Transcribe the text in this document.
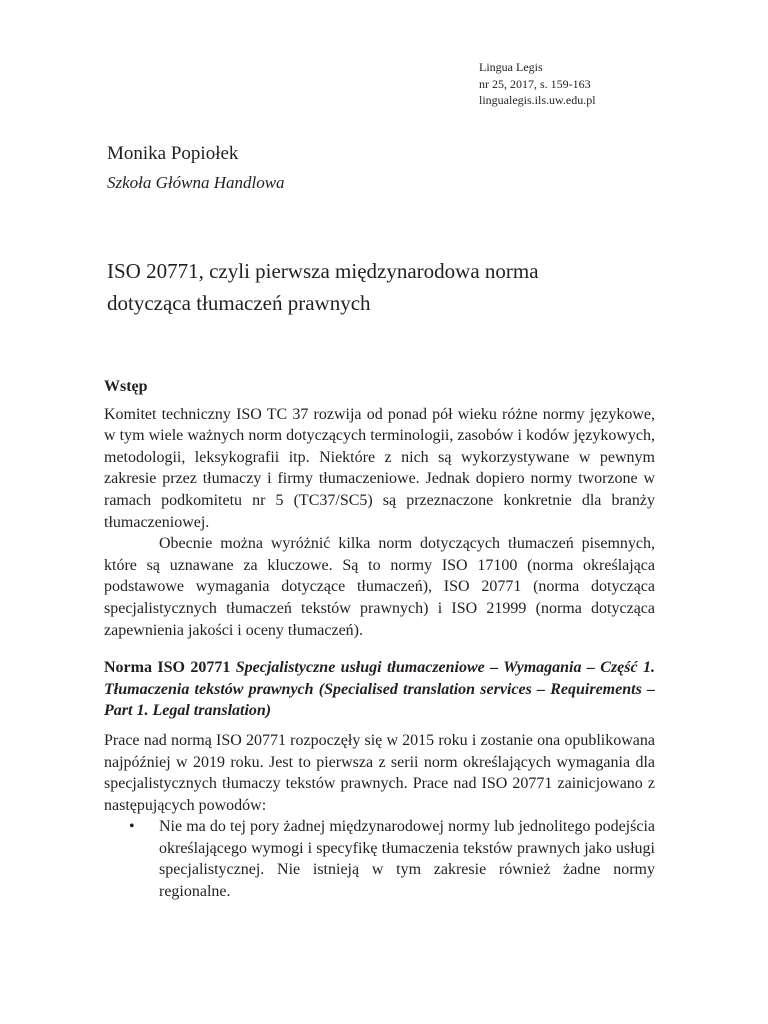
Lingua Legis
nr 25, 2017, s. 159-163
lingualegis.ils.uw.edu.pl
Monika Popiołek
Szkoła Główna Handlowa
ISO 20771, czyli pierwsza międzynarodowa norma
dotycząca tłumaczeń prawnych

Wstęp

Komitet techniczny ISO TC 37 rozwija od ponad pół wieku różne normy językowe, w tym wiele ważnych norm dotyczących terminologii, zasobów i kodów językowych, metodologii, leksykografii itp. Niektóre z nich są wykorzystywane w pewnym zakresie przez tłumaczy i firmy tłumaczeniowe. Jednak dopiero normy tworzone w ramach podkomitetu nr 5 (TC37/SC5) są przeznaczone konkretnie dla branży tłumaczeniowej.

Obecnie można wyróżnić kilka norm dotyczących tłumaczeń pisemnych, które są uznawane za kluczowe. Są to normy ISO 17100 (norma określająca podstawowe wymagania dotyczące tłumaczeń), ISO 20771 (norma dotycząca specjalistycznych tłumaczeń tekstów prawnych) i ISO 21999 (norma dotycząca zapewnienia jakości i oceny tłumaczeń).

Norma ISO 20771 Specjalistyczne usługi tłumaczeniowe – Wymagania – Część 1. Tłumaczenia tekstów prawnych (Specialised translation services – Requirements – Part 1. Legal translation)

Prace nad normą ISO 20771 rozpoczęły się w 2015 roku i zostanie ona opublikowana najpóźniej w 2019 roku. Jest to pierwsza z serii norm określających wymagania dla specjalistycznych tłumaczy tekstów prawnych. Prace nad ISO 20771 zainicjowano z następujących powodów:

• Nie ma do tej pory żadnej międzynarodowej normy lub jednolitego podejścia określającego wymogi i specyfikę tłumaczenia tekstów prawnych jako usługi specjalistycznej. Nie istnieją w tym zakresie również żadne normy regionalne.
